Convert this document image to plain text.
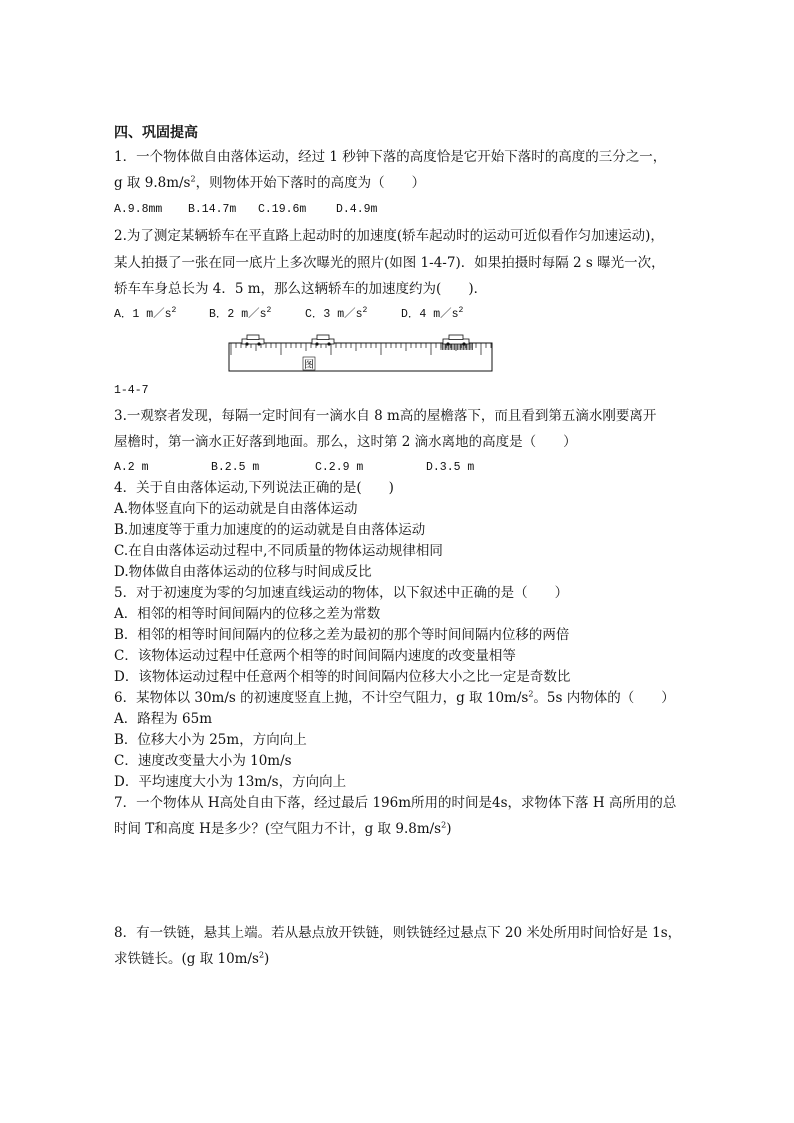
四、巩固提高
1．一个物体做自由落体运动，经过 1 秒钟下落的高度恰是它开始下落时的高度的三分之一，
g 取 $9.8m/s^2$，则物体开始下落时的高度为（　　）
A.9.8mm B.14.7m C.19.6m	D.4.9m
2.为了测定某辆轿车在平直路上起动时的加速度(轿车起动时的运动可近似看作匀加速运动)，
某人拍摄了一张在同一底片上多次曝光的照片(如图 1-4-7)．如果拍摄时每隔 2 s 曝光一次，
轿车车身总长为 4．5 m，那么这辆轿车的加速度约为(　　)．
A．1 $m/s^2$	B．2 $m/s^2$	C．3 $m/s^2$	D．4 $m/s^2$
图
1-4-7
3.一观察者发现，每隔一定时间有一滴水自 8 m高的屋檐落下，而且看到第五滴水刚要离开
屋檐时，第一滴水正好落到地面。那么，这时第 2 滴水离地的高度是（　　）
A.2 m	B.2.5 m	C.2.9 m	D.3.5 m
4．关于自由落体运动,下列说法正确的是(　　)
A.物体竖直向下的运动就是自由落体运动
B.加速度等于重力加速度的的运动就是自由落体运动
C.在自由落体运动过程中,不同质量的物体运动规律相同
D.物体做自由落体运动的位移与时间成反比
5．对于初速度为零的匀加速直线运动的物体，以下叙述中正确的是（　　）
A．相邻的相等时间间隔内的位移之差为常数
B．相邻的相等时间间隔内的位移之差为最初的那个等时间间隔内位移的两倍
C．该物体运动过程中任意两个相等的时间间隔内速度的改变量相等
D．该物体运动过程中任意两个相等的时间间隔内位移大小之比一定是奇数比
6．某物体以 30m/s 的初速度竖直上抛，不计空气阻力，g 取 $10m/s^2$。5s 内物体的（　　）
A．路程为 65m
B．位移大小为 25m，方向向上
C．速度改变量大小为 10m/s
D．平均速度大小为 13m/s，方向向上
7．一个物体从 H高处自由下落，经过最后 196m所用的时间是4s，求物体下落 H 高所用的总
时间 T和高度 H是多少？(空气阻力不计，g 取 $9.8m/s^2$)
8．有一铁链，悬其上端。若从悬点放开铁链，则铁链经过悬点下 20 米处所用时间恰好是 1s，
求铁链长。(g 取 $10m/s^2$)
